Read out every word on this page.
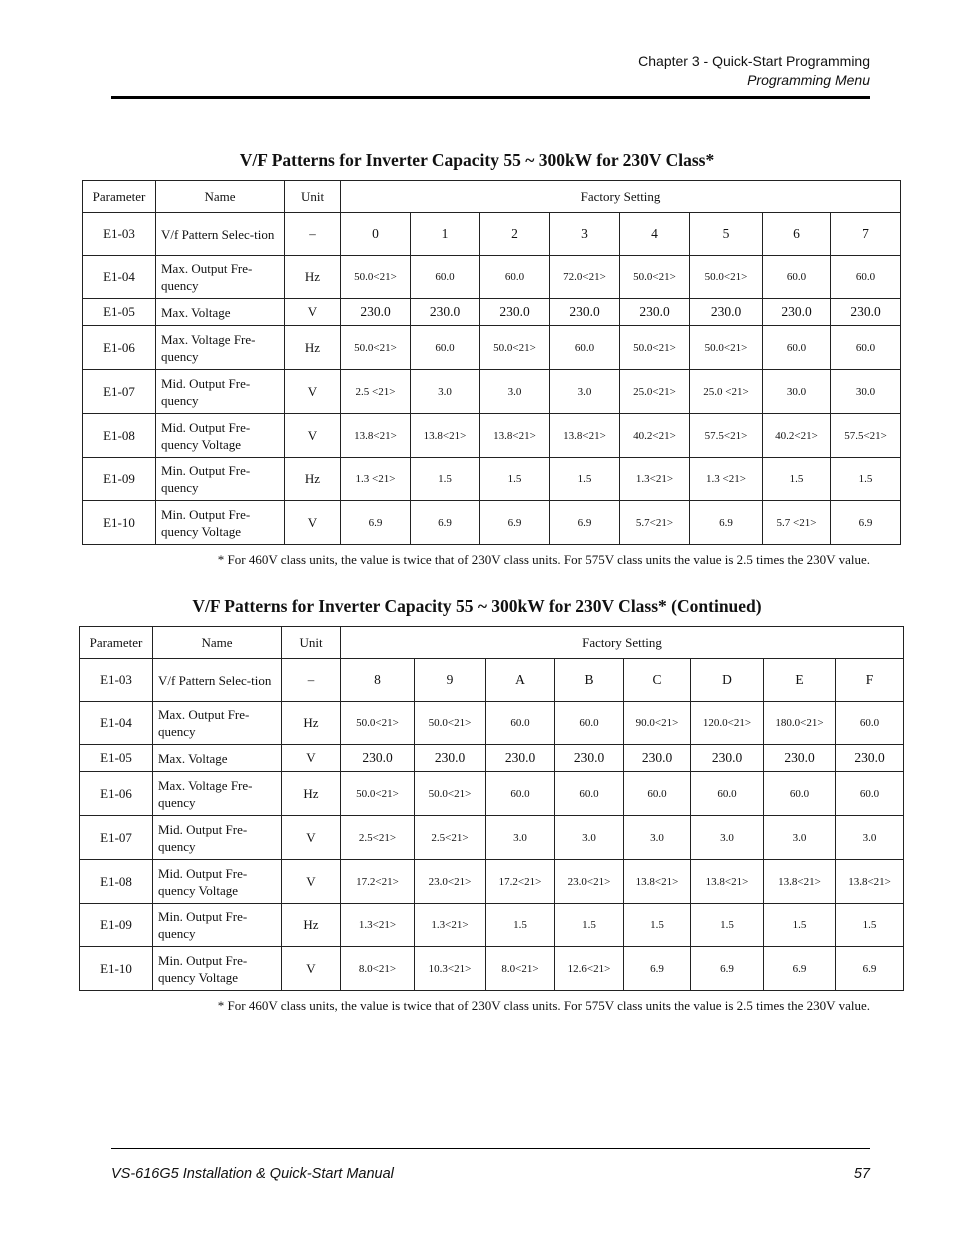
Chapter 3 - Quick-Start Programming
Programming Menu
V/F Patterns for Inverter Capacity 55 ~ 300kW for 230V Class*
Parameter	Name	Unit	Factory Setting							
E1-03	V/f Pattern Selec-tion	–	0	1	2	3	4	5	6	7
E1-04	Max. Output Fre-quency	Hz	50.0<21>	60.0	60.0	72.0<21>	50.0<21>	50.0<21>	60.0	60.0
E1-05	Max. Voltage	V	230.0	230.0	230.0	230.0	230.0	230.0	230.0	230.0
E1-06	Max. Voltage Fre-quency	Hz	50.0<21>	60.0	50.0<21>	60.0	50.0<21>	50.0<21>	60.0	60.0
E1-07	Mid. Output Fre-quency	V	2.5 <21>	3.0	3.0	3.0	25.0<21>	25.0 <21>	30.0	30.0
E1-08	Mid. Output Fre-quency Voltage	V	13.8<21>	13.8<21>	13.8<21>	13.8<21>	40.2<21>	57.5<21>	40.2<21>	57.5<21>
E1-09	Min. Output Fre-quency	Hz	1.3 <21>	1.5	1.5	1.5	1.3<21>	1.3 <21>	1.5	1.5
E1-10	Min. Output Fre-quency Voltage	V	6.9	6.9	6.9	6.9	5.7<21>	6.9	5.7 <21>	6.9
* For 460V class units, the value is twice that of 230V class units. For 575V class units the value is 2.5 times the 230V value.
V/F Patterns for Inverter Capacity 55 ~ 300kW for 230V Class* (Continued)
Parameter	Name	Unit	Factory Setting							
E1-03	V/f Pattern Selec-tion	–	8	9	A	B	C	D	E	F
E1-04	Max. Output Fre-quency	Hz	50.0<21>	50.0<21>	60.0	60.0	90.0<21>	120.0<21>	180.0<21>	60.0
E1-05	Max. Voltage	V	230.0	230.0	230.0	230.0	230.0	230.0	230.0	230.0
E1-06	Max. Voltage Fre-quency	Hz	50.0<21>	50.0<21>	60.0	60.0	60.0	60.0	60.0	60.0
E1-07	Mid. Output Fre-quency	V	2.5<21>	2.5<21>	3.0	3.0	3.0	3.0	3.0	3.0
E1-08	Mid. Output Fre-quency Voltage	V	17.2<21>	23.0<21>	17.2<21>	23.0<21>	13.8<21>	13.8<21>	13.8<21>	13.8<21>
E1-09	Min. Output Fre-quency	Hz	1.3<21>	1.3<21>	1.5	1.5	1.5	1.5	1.5	1.5
E1-10	Min. Output Fre-quency Voltage	V	8.0<21>	10.3<21>	8.0<21>	12.6<21>	6.9	6.9	6.9	6.9
* For 460V class units, the value is twice that of 230V class units. For 575V class units the value is 2.5 times the 230V value.
VS-616G5 Installation & Quick-Start Manual	57
